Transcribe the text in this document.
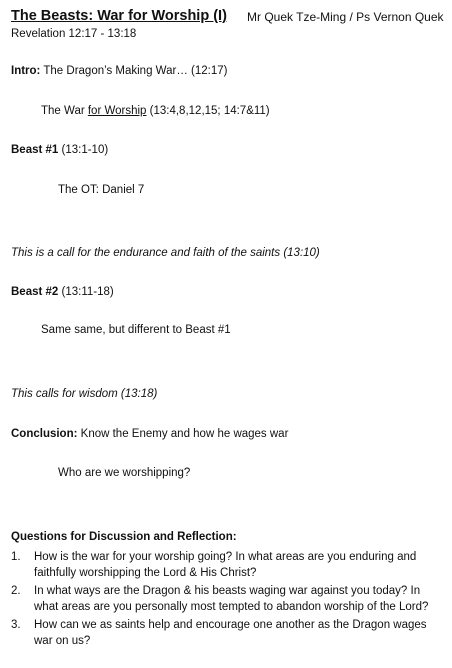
The Beasts: War for Worship (I) Mr Quek Tze-Ming / Ps Vernon Quek
Revelation 12:17 - 13:18
Intro: The Dragon’s Making War… (12:17)
The War for Worship (13:4,8,12,15; 14:7&11)
Beast #1 (13:1-10)
The OT: Daniel 7
This is a call for the endurance and faith of the saints (13:10)
Beast #2 (13:11-18)
Same same, but different to Beast #1
This calls for wisdom (13:18)
Conclusion: Know the Enemy and how he wages war
Who are we worshipping?
Questions for Discussion and Reflection:
1. How is the war for your worship going? In what areas are you enduring and faithfully worshipping the Lord & His Christ?
2. In what ways are the Dragon & his beasts waging war against you today? In what areas are you personally most tempted to abandon worship of the Lord?
3. How can we as saints help and encourage one another as the Dragon wages war on us?
